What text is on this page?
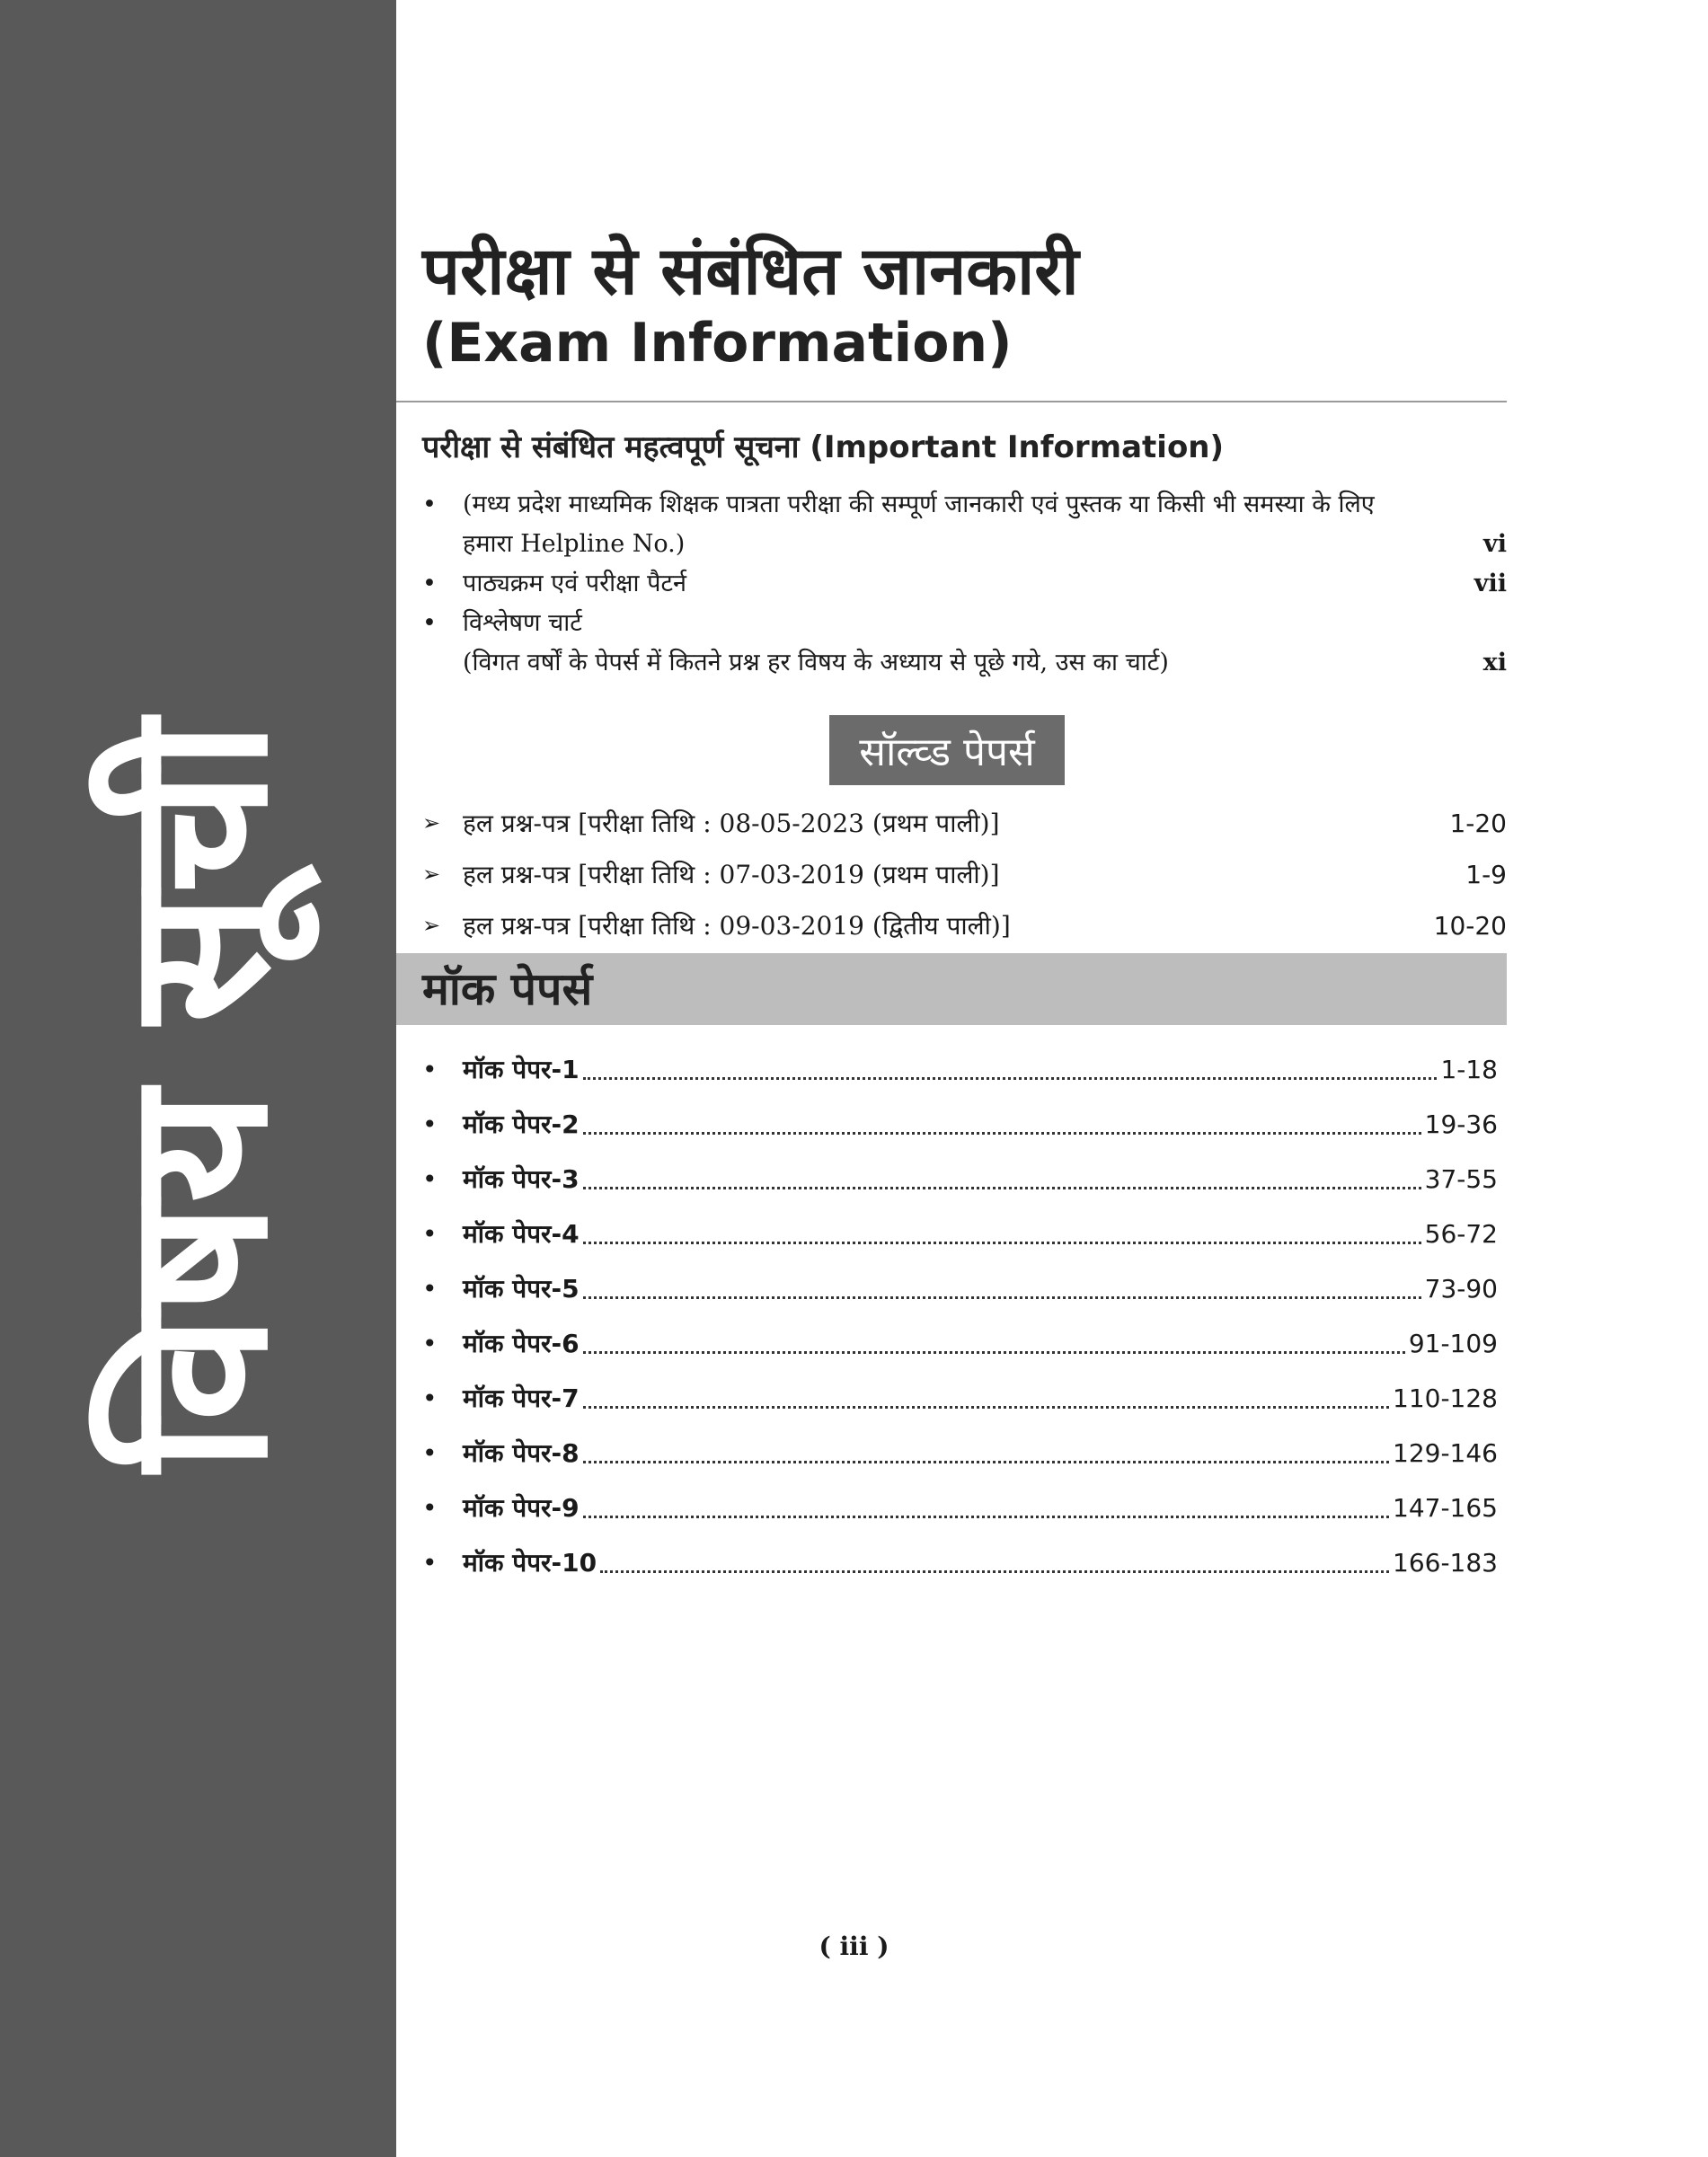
विषय सूची
परीक्षा से संबंधित जानकारी
(Exam Information)
परीक्षा से संबंधित महत्वपूर्ण सूचना (Important Information)
• (मध्य प्रदेश माध्यमिक शिक्षक पात्रता परीक्षा की सम्पूर्ण जानकारी एवं पुस्तक या किसी भी समस्या के लिए हमारा Helpline No.)	vi
• पाठ्यक्रम एवं परीक्षा पैटर्न	vii
• विश्लेषण चार्ट
(विगत वर्षों के पेपर्स में कितने प्रश्न हर विषय के अध्याय से पूछे गये, उस का चार्ट)	xi
सॉल्व्ड पेपर्स
➢ हल प्रश्न-पत्र [परीक्षा तिथि : 08-05-2023 (प्रथम पाली)]	1-20
➢ हल प्रश्न-पत्र [परीक्षा तिथि : 07-03-2019 (प्रथम पाली)]	1-9
➢ हल प्रश्न-पत्र [परीक्षा तिथि : 09-03-2019 (द्वितीय पाली)]	10-20
मॉक पेपर्स
•	मॉक पेपर-1	1-18
•	मॉक पेपर-2	19-36
•	मॉक पेपर-3	37-55
•	मॉक पेपर-4	56-72
•	मॉक पेपर-5	73-90
•	मॉक पेपर-6	91-109
•	मॉक पेपर-7	110-128
•	मॉक पेपर-8	129-146
•	मॉक पेपर-9	147-165
•	मॉक पेपर-10	166-183
( iii )
